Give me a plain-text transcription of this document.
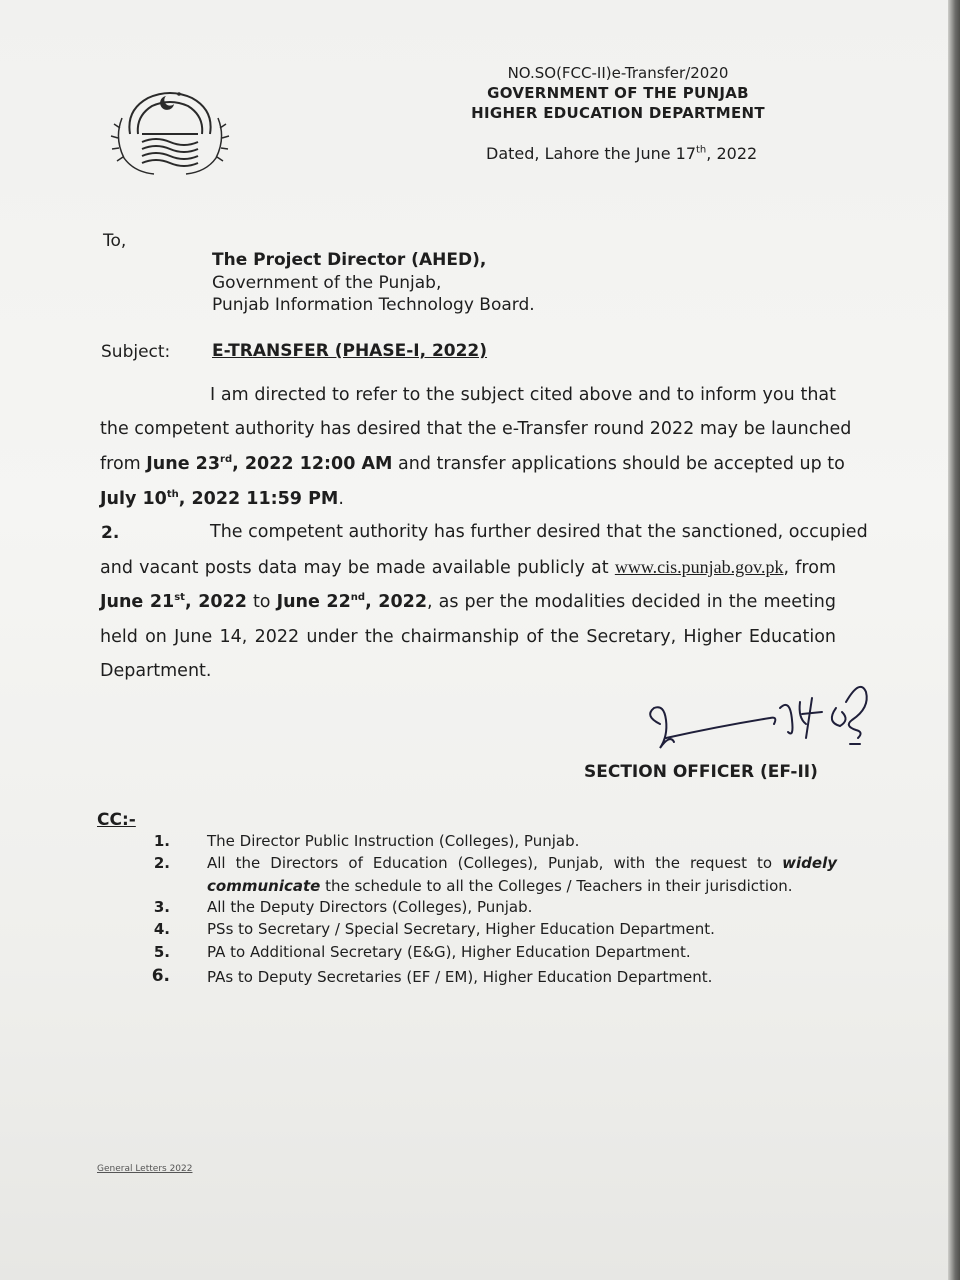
NO.SO(FCC-II)e-Transfer/2020
GOVERNMENT OF THE PUNJAB
HIGHER EDUCATION DEPARTMENT
Dated, Lahore the June 17th, 2022
To,
The Project Director (AHED),
Government of the Punjab,
Punjab Information Technology Board.
Subject: E-TRANSFER (PHASE-I, 2022)
I am directed to refer to the subject cited above and to inform you that
the competent authority has desired that the e-Transfer round 2022 may be launched
from June 23rd, 2022 12:00 AM and transfer applications should be accepted up to
July 10th, 2022 11:59 PM.
2.	The competent authority has further desired that the sanctioned, occupied
and vacant posts data may be made available publicly at www.cis.punjab.gov.pk, from
June 21st, 2022 to June 22nd, 2022, as per the modalities decided in the meeting
held on June 14, 2022 under the chairmanship of the Secretary, Higher Education
Department.
SECTION OFFICER (EF-II)
CC:-
1. The Director Public Instruction (Colleges), Punjab.
2. All the Directors of Education (Colleges), Punjab, with the request to widely
communicate the schedule to all the Colleges / Teachers in their jurisdiction.
3. All the Deputy Directors (Colleges), Punjab.
4. PSs to Secretary / Special Secretary, Higher Education Department.
5. PA to Additional Secretary (E&G), Higher Education Department.
6. PAs to Deputy Secretaries (EF / EM), Higher Education Department.
General Letters 2022
